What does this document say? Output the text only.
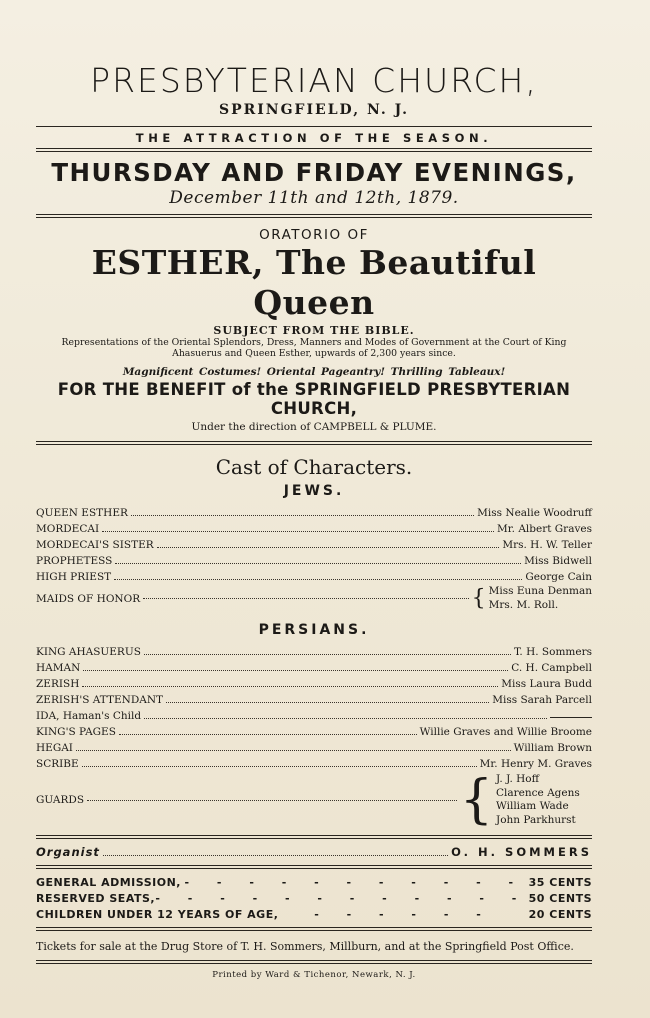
PRESBYTERIAN CHURCH,
SPRINGFIELD, N. J.
THE ATTRACTION OF THE SEASON.
THURSDAY AND FRIDAY EVENINGS,
December 11th and 12th, 1879.
ORATORIO OF
ESTHER, The Beautiful Queen
SUBJECT FROM THE BIBLE.
Representations of the Oriental Splendors, Dress, Manners and Modes of Government at the Court of King Ahasuerus and Queen Esther, upwards of 2,300 years since.
Magnificent Costumes! Oriental Pageantry! Thrilling Tableaux!
FOR THE BENEFIT of the SPRINGFIELD PRESBYTERIAN CHURCH,
Under the direction of CAMPBELL & PLUME.
Cast of Characters.
JEWS.
QUEEN ESTHER	Miss Nealie Woodruff
MORDECAI	Mr. Albert Graves
MORDECAI'S SISTER	Mrs. H. W. Teller
PROPHETESS	Miss Bidwell
HIGH PRIEST	George Cain
MAIDS OF HONOR	{ Miss Euna Denman
Mrs. M. Roll.
PERSIANS.
KING AHASUERUS	T. H. Sommers
HAMAN	C. H. Campbell
ZERISH	Miss Laura Budd
ZERISH'S ATTENDANT	Miss Sarah Parcell
IDA, Haman's Child
KING'S PAGES	Willie Graves and Willie Broome
HEGAI	William Brown
SCRIBE	Mr. Henry M. Graves
GUARDS	{ J. J. Hoff
Clarence Agens
William Wade
John Parkhurst
Organist	O. H. SOMMERS
GENERAL ADMISSION, - - - - - - - - - - - 35 CENTS
RESERVED SEATS, - - - - - - - - - - - - 50 CENTS
CHILDREN UNDER 12 YEARS OF AGE,	- - - - - -	20 CENTS
Tickets for sale at the Drug Store of T. H. Sommers, Millburn, and at the Springfield Post Office.
Printed by Ward & Tichenor, Newark, N. J.
